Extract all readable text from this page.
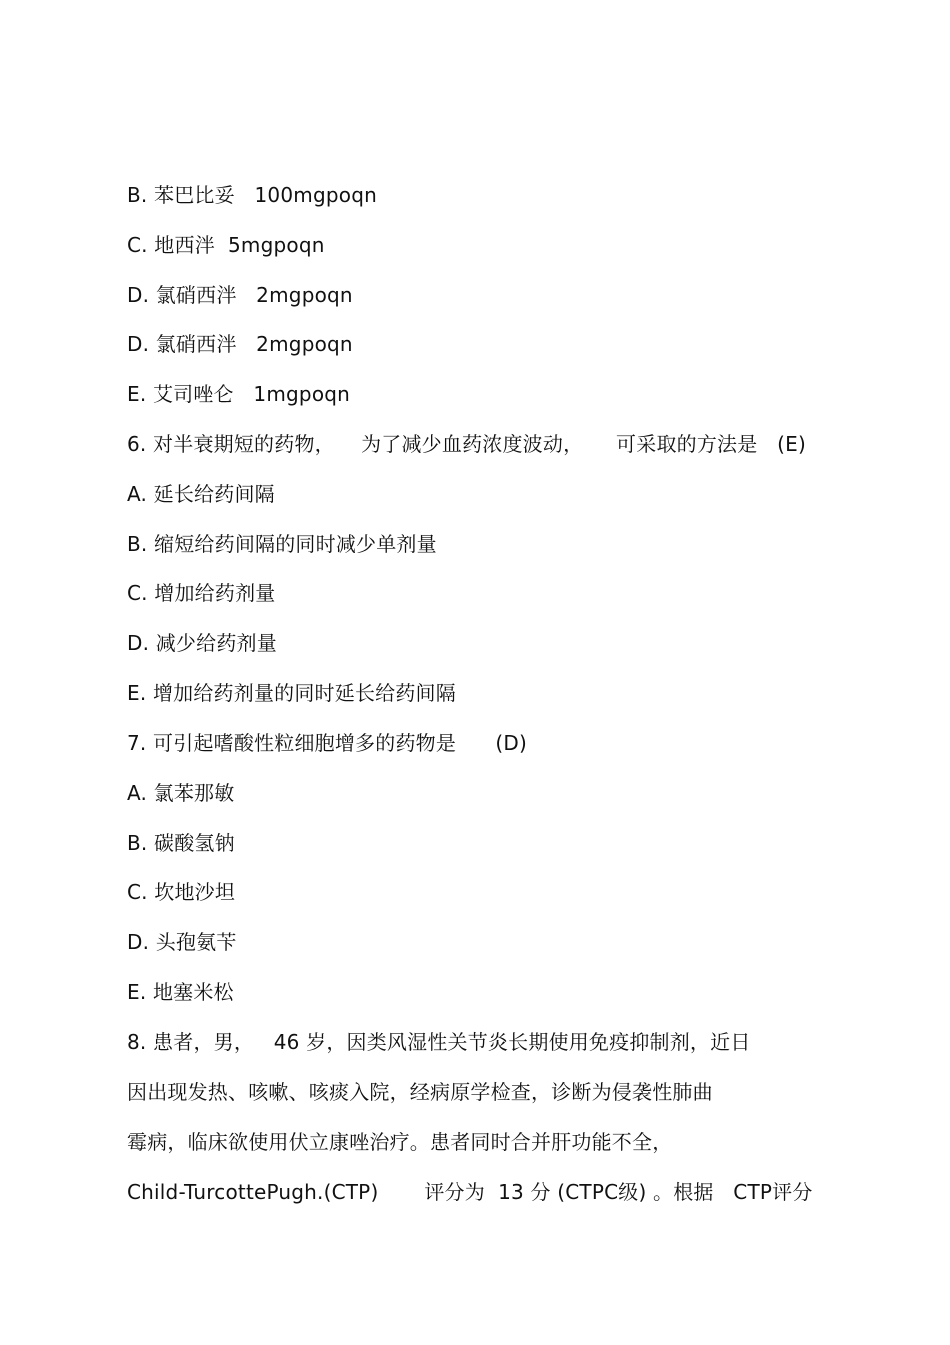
B. 苯巴比妥   100mgpoqn
C. 地西泮  5mgpoqn
D. 氯硝西泮   2mgpoqn
D. 氯硝西泮   2mgpoqn
E. 艾司唑仑   1mgpoqn
6. 对半衰期短的药物，    为了减少血药浓度波动，     可采取的方法是   (E)
A. 延长给药间隔
B. 缩短给药间隔的同时减少单剂量
C. 增加给药剂量
D. 减少给药剂量
E. 增加给药剂量的同时延长给药间隔
7. 可引起嗜酸性粒细胞增多的药物是      (D)
A. 氯苯那敏
B. 碳酸氢钠
C. 坎地沙坦
D. 头孢氨苄
E. 地塞米松
8. 患者，男，   46 岁，因类风湿性关节炎长期使用免疫抑制剂，近日
因出现发热、咳嗽、咳痰入院，经病原学检查，诊断为侵袭性肺曲
霉病，临床欲使用伏立康唑治疗。患者同时合并肝功能不全，
Child-TurcottePugh.(CTP)       评分为  13 分 (CTPC级) 。根据   CTP评分
